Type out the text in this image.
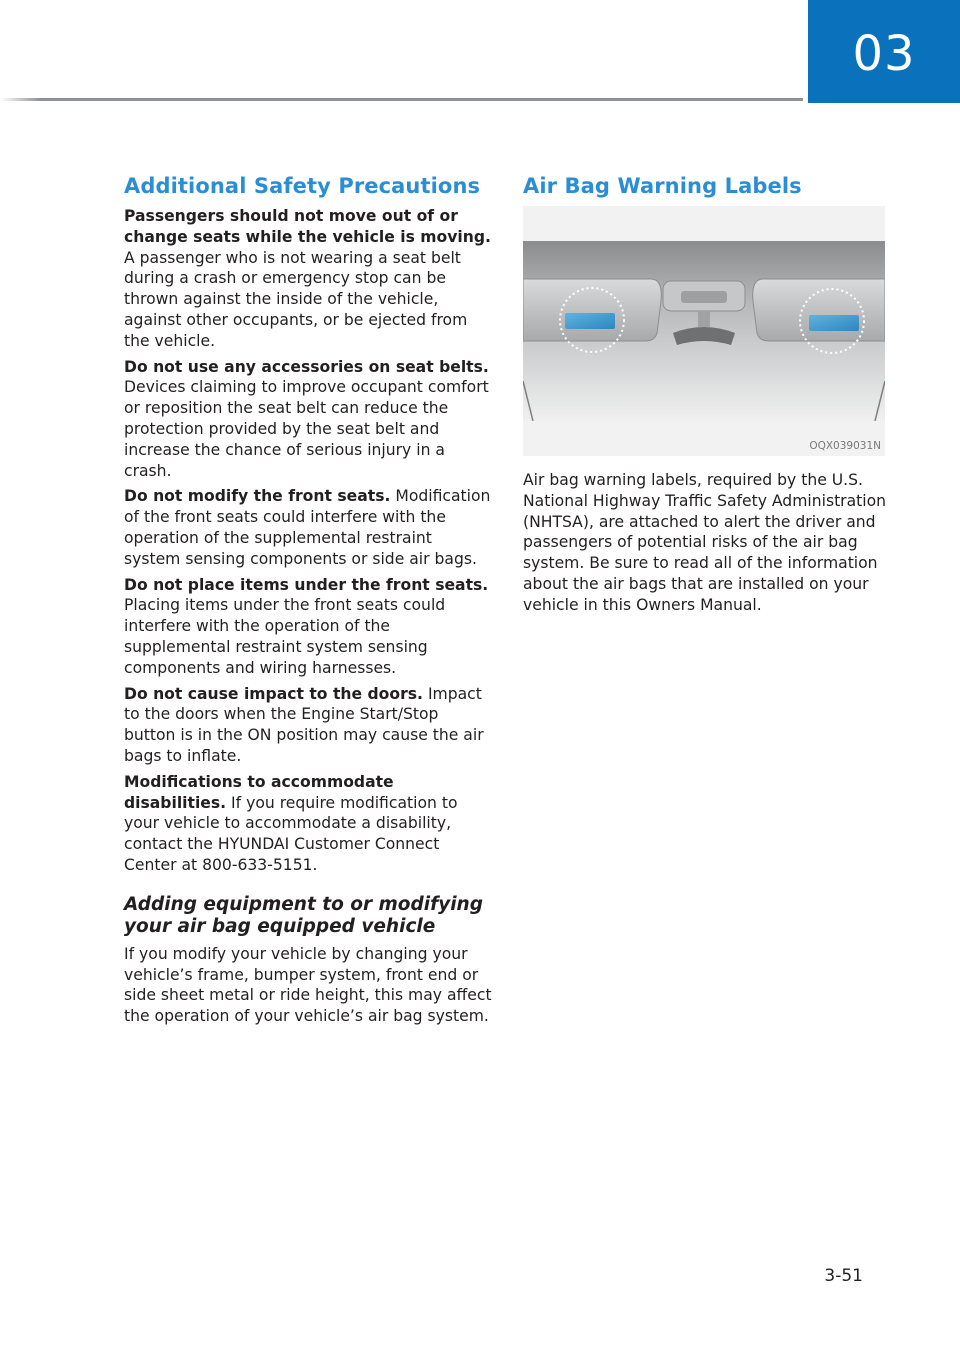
03
Additional Safety Precautions

Passengers should not move out of or change seats while the vehicle is moving. A passenger who is not wearing a seat belt during a crash or emergency stop can be thrown against the inside of the vehicle, against other occupants, or be ejected from the vehicle.

Do not use any accessories on seat belts. Devices claiming to improve occupant comfort or reposition the seat belt can reduce the protection provided by the seat belt and increase the chance of serious injury in a crash.

Do not modify the front seats. Modification of the front seats could interfere with the operation of the supplemental restraint system sensing components or side air bags.

Do not place items under the front seats. Placing items under the front seats could interfere with the operation of the supplemental restraint system sensing components and wiring harnesses.

Do not cause impact to the doors. Impact to the doors when the Engine Start/Stop button is in the ON position may cause the air bags to inflate.

Modifications to accommodate disabilities. If you require modification to your vehicle to accommodate a disability, contact the HYUNDAI Customer Connect Center at 800-633-5151.

Adding equipment to or modifying your air bag equipped vehicle

If you modify your vehicle by changing your vehicle’s frame, bumper system, front end or side sheet metal or ride height, this may affect the operation of your vehicle’s air bag system.

Air Bag Warning Labels
OQX039031N

Air bag warning labels, required by the U.S. National Highway Traffic Safety Administration (NHTSA), are attached to alert the driver and passengers of potential risks of the air bag system. Be sure to read all of the information about the air bags that are installed on your vehicle in this Owners Manual.

3-51
